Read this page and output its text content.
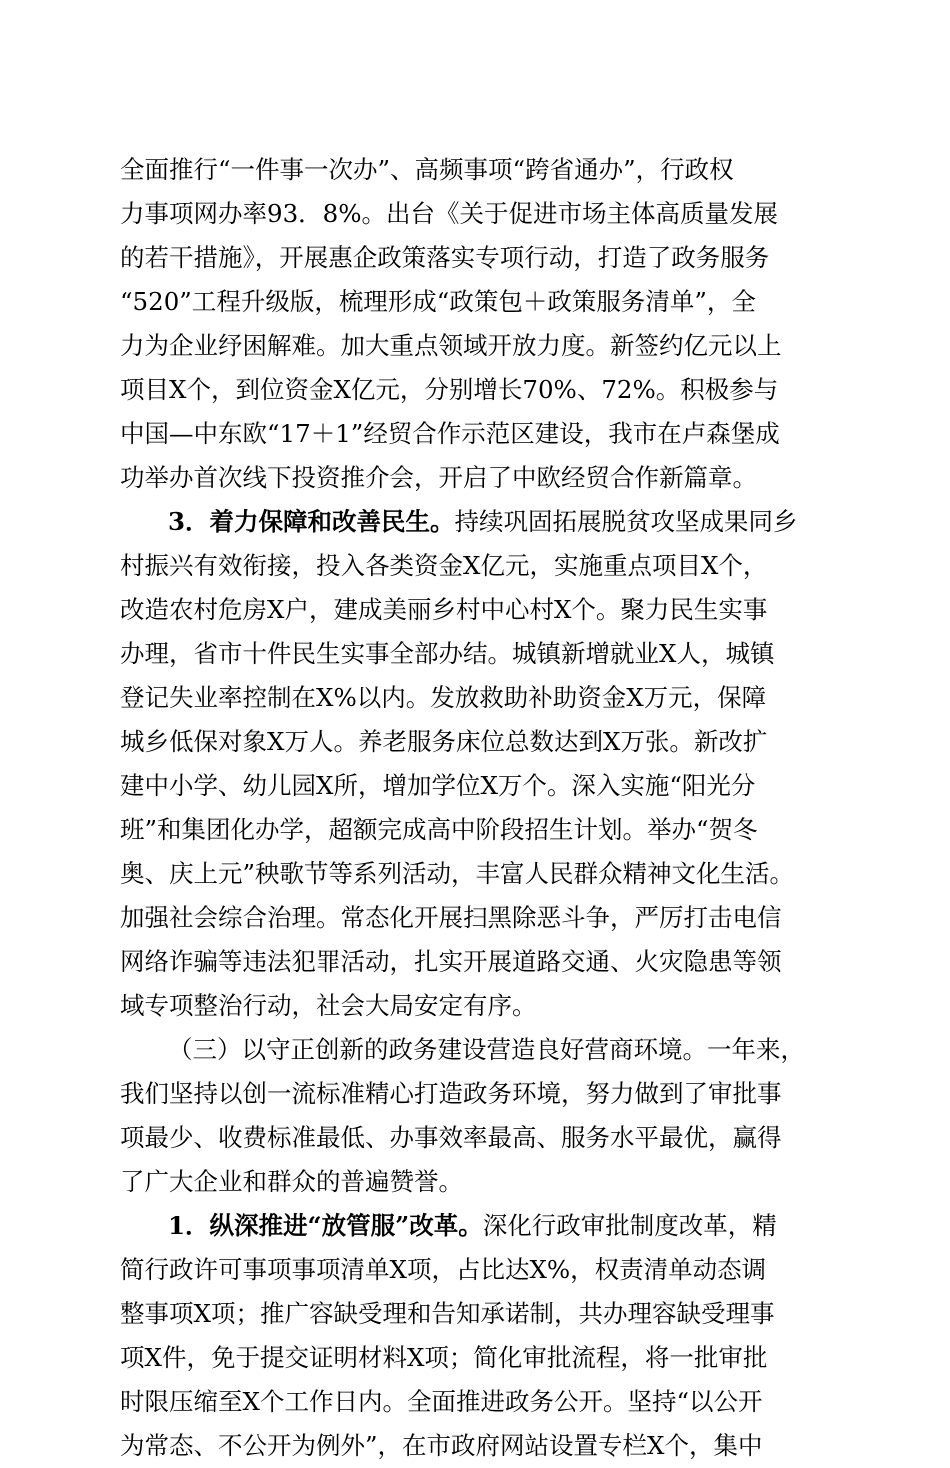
全面推行“一件事一次办”、高频事项“跨省通办”，行政权
力事项网办率93．8%。出台《关于促进市场主体高质量发展
的若干措施》，开展惠企政策落实专项行动，打造了政务服务
“520”工程升级版，梳理形成“政策包＋政策服务清单”，全
力为企业纾困解难。加大重点领域开放力度。新签约亿元以上
项目X个，到位资金X亿元，分别增长70%、72%。积极参与
中国—中东欧“17＋1”经贸合作示范区建设，我市在卢森堡成
功举办首次线下投资推介会，开启了中欧经贸合作新篇章。
3．着力保障和改善民生。持续巩固拓展脱贫攻坚成果同乡
村振兴有效衔接，投入各类资金X亿元，实施重点项目X个，
改造农村危房X户，建成美丽乡村中心村X个。聚力民生实事
办理，省市十件民生实事全部办结。城镇新增就业X人，城镇
登记失业率控制在X%以内。发放救助补助资金X万元，保障
城乡低保对象X万人。养老服务床位总数达到X万张。新改扩
建中小学、幼儿园X所，增加学位X万个。深入实施“阳光分
班”和集团化办学，超额完成高中阶段招生计划。举办“贺冬
奥、庆上元”秧歌节等系列活动，丰富人民群众精神文化生活。
加强社会综合治理。常态化开展扫黑除恶斗争，严厉打击电信
网络诈骗等违法犯罪活动，扎实开展道路交通、火灾隐患等领
域专项整治行动，社会大局安定有序。
（三）以守正创新的政务建设营造良好营商环境。一年来，
我们坚持以创一流标准精心打造政务环境，努力做到了审批事
项最少、收费标准最低、办事效率最高、服务水平最优，赢得
了广大企业和群众的普遍赞誉。
1．纵深推进“放管服”改革。深化行政审批制度改革，精
简行政许可事项事项清单X项，占比达X%，权责清单动态调
整事项X项；推广容缺受理和告知承诺制，共办理容缺受理事
项X件，免于提交证明材料X项；简化审批流程，将一批审批
时限压缩至X个工作日内。全面推进政务公开。坚持“以公开
为常态、不公开为例外”，在市政府网站设置专栏X个，集中
